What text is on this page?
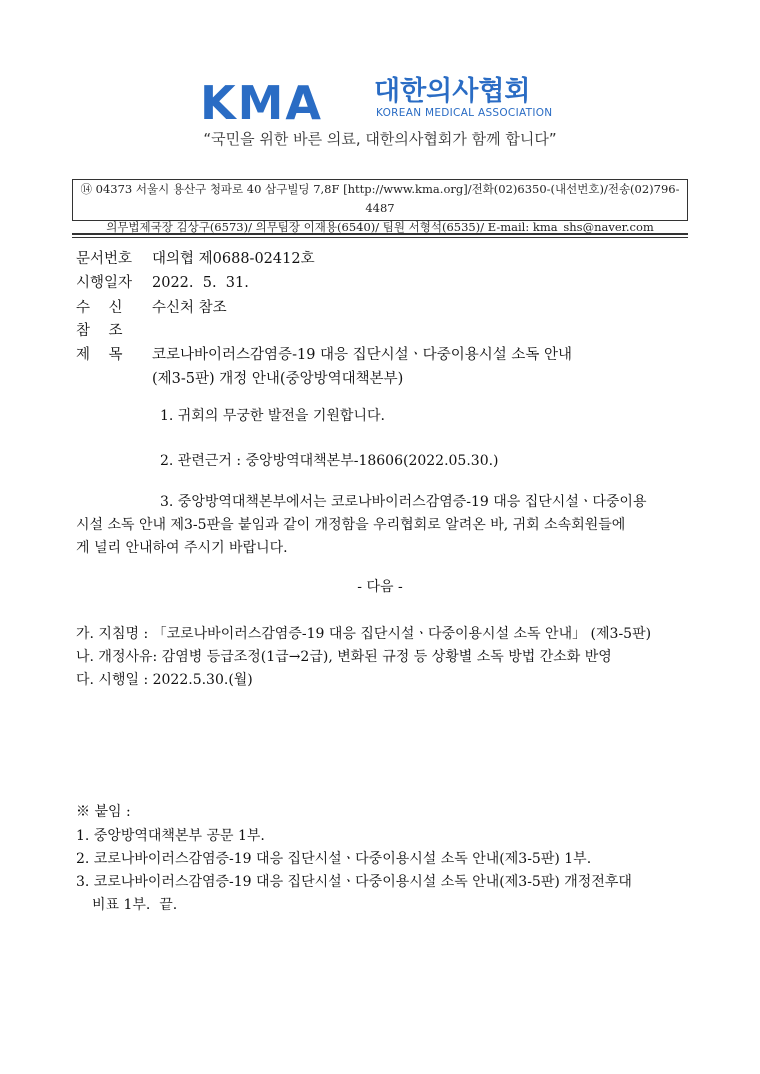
KMA 대한의사협회
KOREAN MEDICAL ASSOCIATION
“국민을 위한 바른 의료, 대한의사협회가 함께 합니다”
⑭ 04373 서울시 용산구 청파로 40 삼구빌딩 7,8F [http://www.kma.org]/전화(02)6350-(내선번호)/전송(02)796-4487
의무법제국장 김상구(6573)/ 의무팀장 이재용(6540)/ 팀원 서형석(6535)/ E-mail: kma_shs@naver.com
문서번호 대의협 제0688-02412호
시행일자 2022.  5.  31.
수    신 수신처 참조
참    조
제    목 코로나바이러스감염증-19 대응 집단시설ㆍ다중이용시설 소독 안내
(제3-5판) 개정 안내(중앙방역대책본부)
1. 귀회의 무궁한 발전을 기원합니다.
2. 관련근거 : 중앙방역대책본부-18606(2022.05.30.)
3. 중앙방역대책본부에서는 코로나바이러스감염증-19 대응 집단시설ㆍ다중이용
시설 소독 안내 제3-5판을 붙임과 같이 개정함을 우리협회로 알려온 바, 귀회 소속회원들에
게 널리 안내하여 주시기 바랍니다.
- 다음 -
가. 지침명 : 「코로나바이러스감염증-19 대응 집단시설ㆍ다중이용시설 소독 안내」 (제3-5판)
나. 개정사유: 감염병 등급조정(1급→2급), 변화된 규정 등 상황별 소독 방법 간소화 반영
다. 시행일 : 2022.5.30.(월)
※ 붙임 :
1. 중앙방역대책본부 공문 1부.
2. 코로나바이러스감염증-19 대응 집단시설ㆍ다중이용시설 소독 안내(제3-5판) 1부.
3. 코로나바이러스감염증-19 대응 집단시설ㆍ다중이용시설 소독 안내(제3-5판) 개정전후대
비표 1부.  끝.
